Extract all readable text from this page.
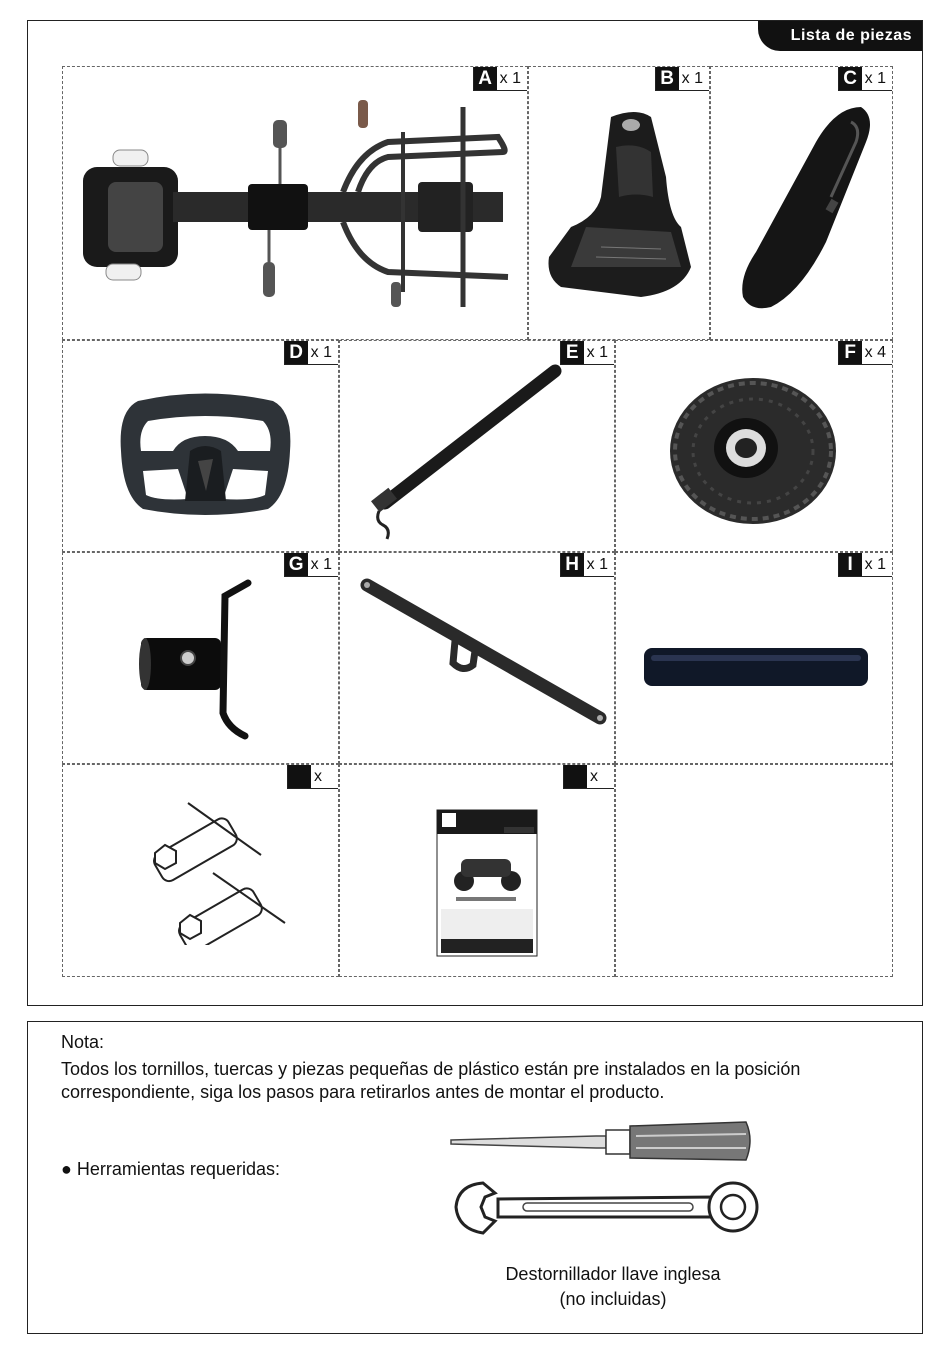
Lista de piezas
A x 1	B x 1	C x 1
D x 1	E x 1	F x 4
G x 1	H x 1	I x 1
x	x
Nota:
Todos los tornillos, tuercas y piezas pequeñas de plástico están pre instalados en la posición correspondiente, siga los pasos para retirarlos antes de montar el producto.
● Herramientas requeridas:
Destornillador llave inglesa
(no incluidas)
